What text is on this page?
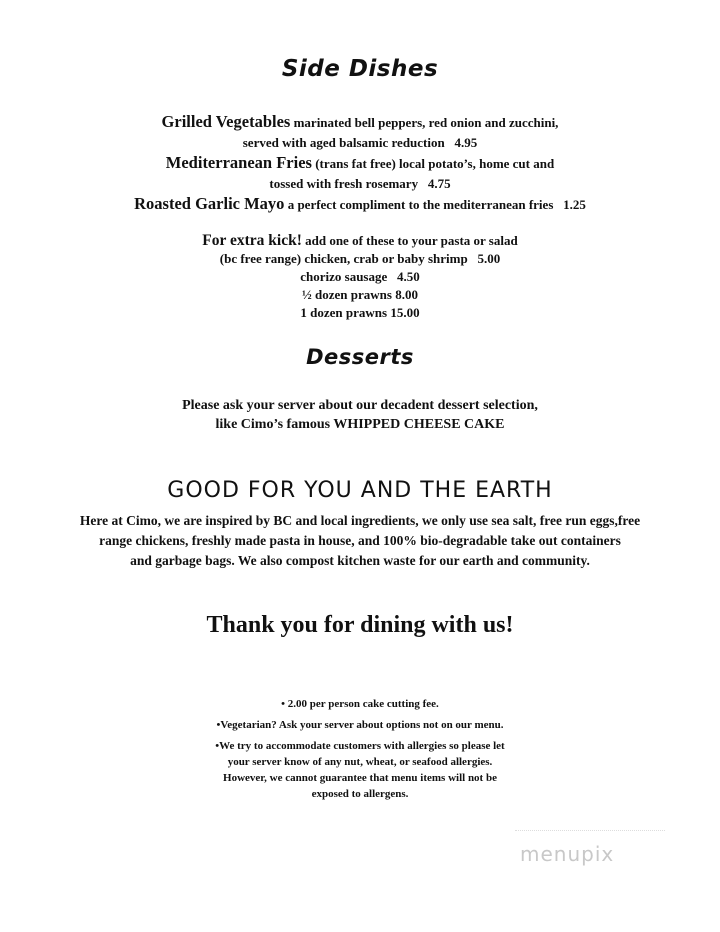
Side Dishes
Grilled Vegetables marinated bell peppers, red onion and zucchini,
served with aged balsamic reduction 4.95
Mediterranean Fries (trans fat free) local potato’s, home cut and
tossed with fresh rosemary 4.75
Roasted Garlic Mayo a perfect compliment to the mediterranean fries 1.25
For extra kick! add one of these to your pasta or salad
(bc free range) chicken, crab or baby shrimp 5.00
chorizo sausage 4.50
½ dozen prawns 8.00
1 dozen prawns 15.00
Desserts
Please ask your server about our decadent dessert selection,
like Cimo’s famous WHIPPED CHEESE CAKE
GOOD FOR YOU AND THE EARTH
Here at Cimo, we are inspired by BC and local ingredients, we only use sea salt, free run eggs,free
range chickens, freshly made pasta in house, and 100% bio-degradable take out containers
and garbage bags. We also compost kitchen waste for our earth and community.
Thank you for dining with us!

• 2.00 per person cake cutting fee.

•Vegetarian? Ask your server about options not on our menu.

•We try to accommodate customers with allergies so please let
your server know of any nut, wheat, or seafood allergies.
However, we cannot guarantee that menu items will not be
exposed to allergens.
menupix
